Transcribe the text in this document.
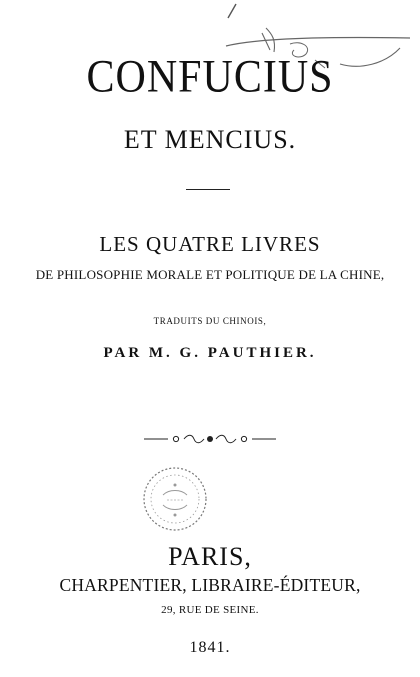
CONFUCIUS
ET MENCIUS.
LES QUATRE LIVRES
DE PHILOSOPHIE MORALE ET POLITIQUE DE LA CHINE,
TRADUITS DU CHINOIS,
PAR M. G. PAUTHIER.
PARIS,
CHARPENTIER, LIBRAIRE-ÉDITEUR,
29, RUE DE SEINE.
1841.
